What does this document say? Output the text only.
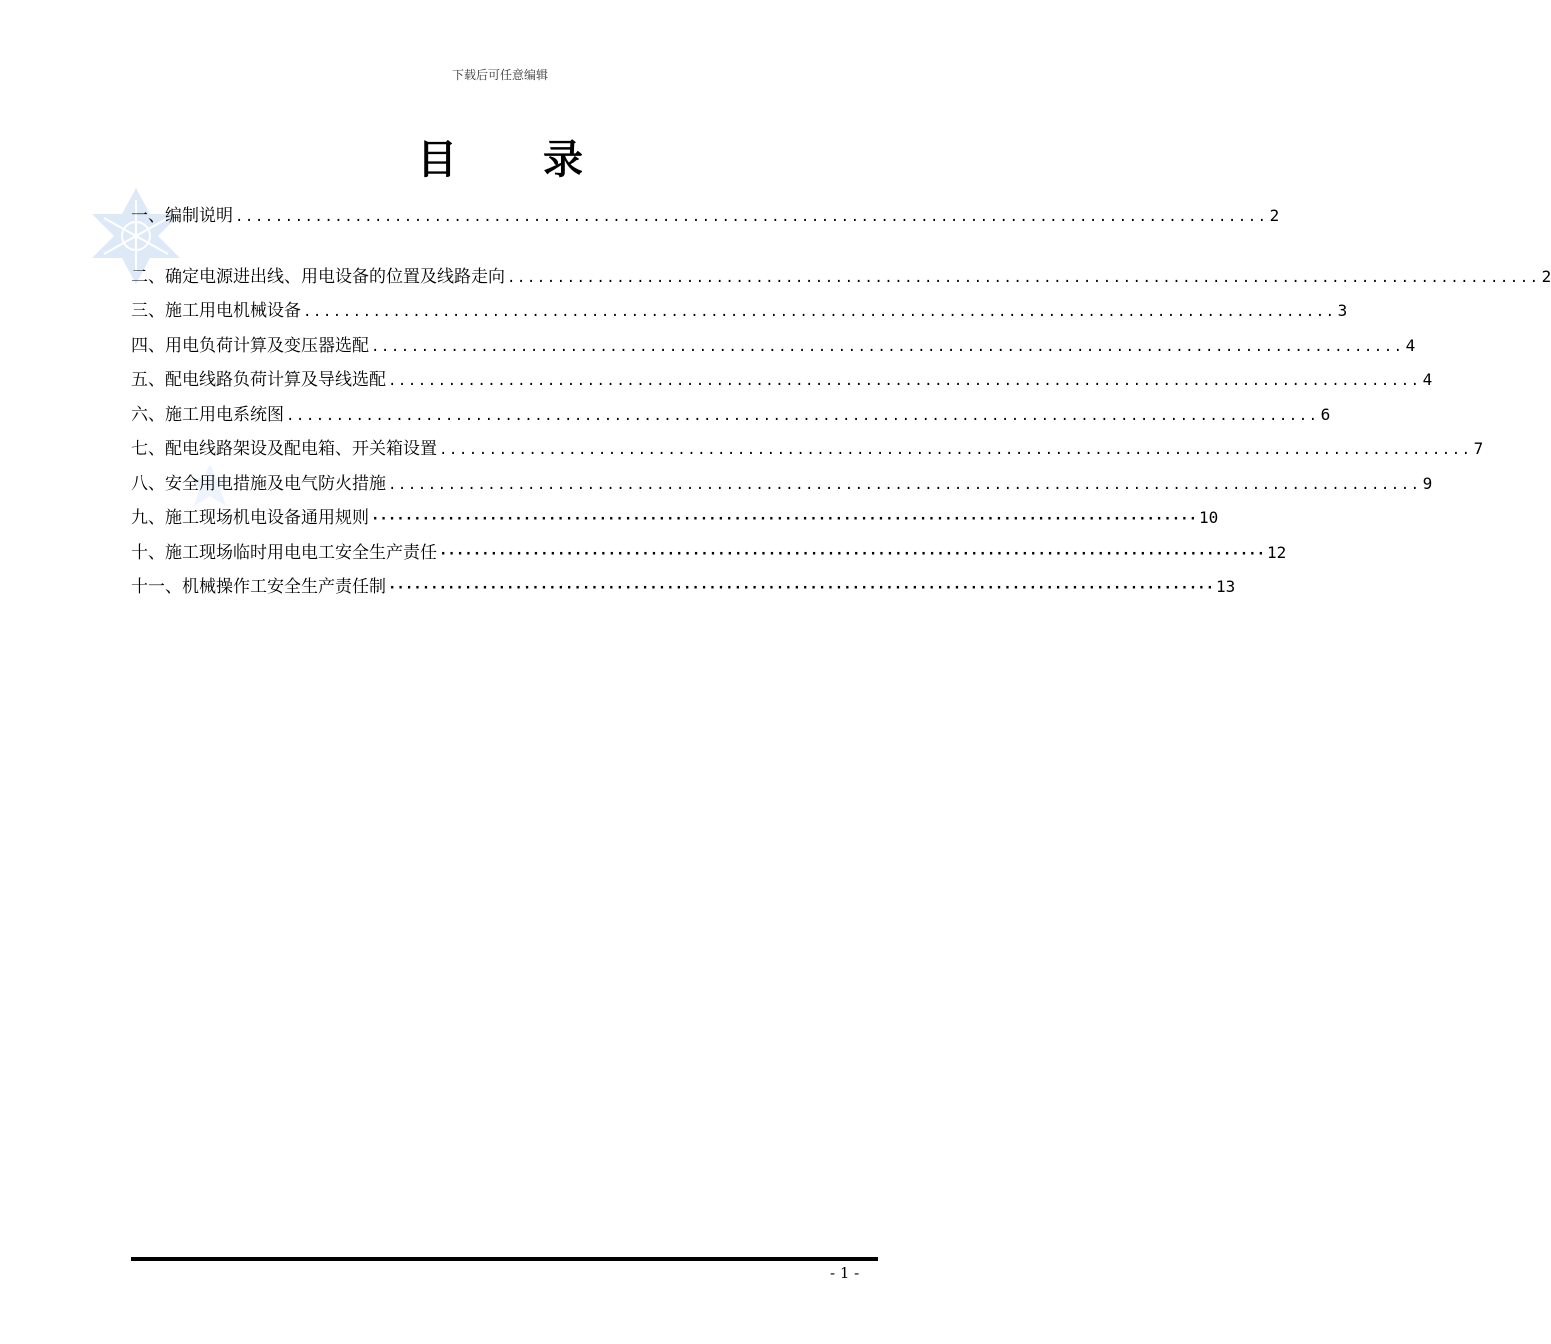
下载后可任意编辑
目 录
一、编制说明 ........................................................................................................ 2
二、确定电源进出线、用电设备的位置及线路走向 ........................................................................................................ 2
三、施工用电机械设备 ........................................................................................................ 3
四、用电负荷计算及变压器选配 ........................................................................................................ 4
五、配电线路负荷计算及导线选配 ........................................................................................................ 4
六、施工用电系统图 ........................................................................................................ 6
七、配电线路架设及配电箱、开关箱设置 ........................................................................................................ 7
八、安全用电措施及电气防火措施 ........................................................................................................ 9
九、施工现场机电设备通用规则 ·································································································· 10
十、施工现场临时用电电工安全生产责任 ·································································································· 12
十一、机械操作工安全生产责任制 ·································································································· 13
- 1 -
